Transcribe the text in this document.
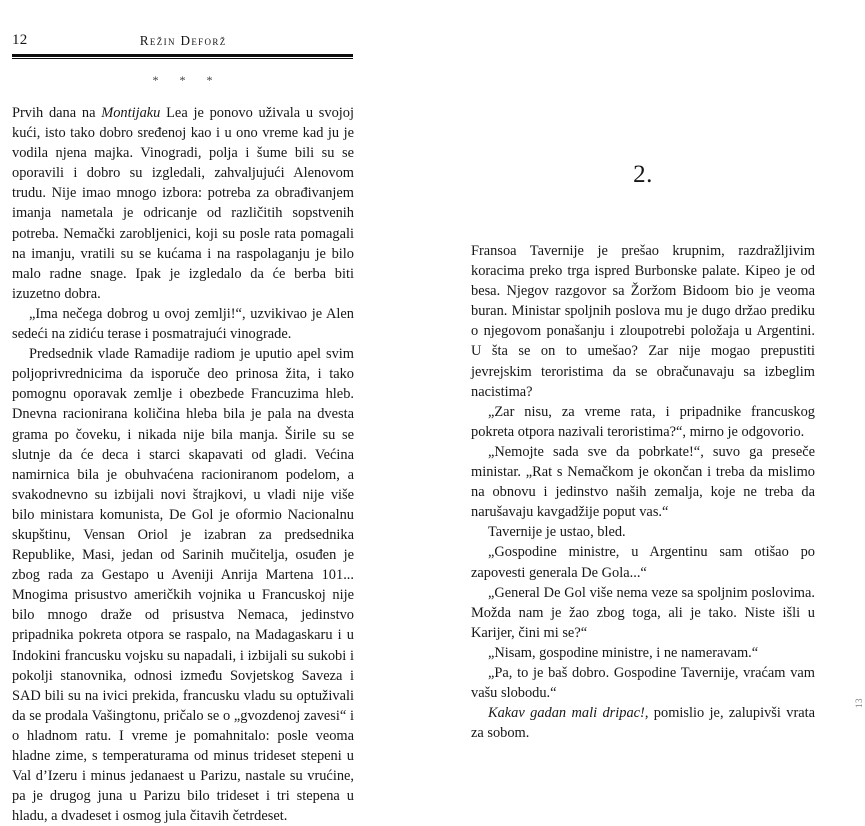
12	Režin Deforž
* * *

Prvih dana na Montijaku Lea je ponovo uživala u svojoj kući, isto tako dobro sređenoj kao i u ono vreme kad ju je vodila njena majka. Vinogradi, polja i šume bili su se oporavili i dobro su izgledali, zahvaljujući Alenovom trudu. Nije imao mnogo izbora: potreba za obrađivanjem imanja nametala je odricanje od različitih sopstvenih potreba. Nemački zarobljenici, koji su posle rata pomagali na imanju, vratili su se kućama i na raspolaganju je bilo malo radne snage. Ipak je izgledalo da će berba biti izuzetno dobra.

„Ima nečega dobrog u ovoj zemlji!“, uzvikivao je Alen sedeći na zidiću terase i posmatrajući vinograde.

Predsednik vlade Ramadije radiom je uputio apel svim poljoprivrednicima da isporuče deo prinosa žita, i tako pomognu oporavak zemlje i obezbede Francuzima hleb. Dnevna racionirana količina hleba bila je pala na dvesta grama po čoveku, i nikada nije bila manja. Širile su se slutnje da će deca i starci skapavati od gladi. Većina namirnica bila je obuhvaćena racioniranom podelom, a svakodnevno su izbijali novi štrajkovi, u vladi nije više bilo ministara komunista, De Gol je oformio Nacionalnu skupštinu, Vensan Oriol je izabran za predsednika Republike, Masi, jedan od Sarinih mučitelja, osuđen je zbog rada za Gestapo u Aveniji Anrija Martena 101... Mnogima prisustvo američkih vojnika u Francuskoj nije bilo mnogo draže od prisustva Nemaca, jedinstvo pripadnika pokreta otpora se raspalo, na Madagaskaru i u Indokini francusku vojsku su napadali, i izbijali su sukobi i pokolji stanovnika, odnosi između Sovjetskog Saveza i SAD bili su na ivici prekida, francusku vladu su optuživali da se prodala Vašingtonu, pričalo se o „gvozdenoj zavesi“ i o hladnom ratu. I vreme je pomahnitalo: posle veoma hladne zime, s temperaturama od minus trideset stepeni u Val d’Izeru i minus jedanaest u Parizu, nastale su vrućine, pa je drugog juna u Parizu bilo trideset i tri stepena u hladu, a dvadeset i osmog jula čitavih četrdeset.

2.

Fransoa Tavernije je prešao krupnim, razdražljivim koracima preko trga ispred Burbonske palate. Kipeo je od besa. Njegov razgovor sa Žoržom Bidoom bio je veoma buran. Ministar spoljnih poslova mu je dugo držao prediku o njegovom ponašanju i zloupotrebi položaja u Argentini. U šta se on to umešao? Zar nije mogao prepustiti jevrejskim teroristima da se obračunavaju sa izbeglim nacistima?

„Zar nisu, za vreme rata, i pripadnike francuskog pokreta otpora nazivali teroristima?“, mirno je odgovorio.

„Nemojte sada sve da pobrkate!“, suvo ga preseče ministar. „Rat s Nemačkom je okončan i treba da mislimo na obnovu i jedinstvo naših zemalja, koje ne treba da narušavaju kavgadžije poput vas.“

Tavernije je ustao, bled.

„Gospodine ministre, u Argentinu sam otišao po zapovesti generala De Gola...“

„General De Gol više nema veze sa spoljnim poslovima. Možda nam je žao zbog toga, ali je tako. Niste išli u Karijer, čini mi se?“

„Nisam, gospodine ministre, i ne nameravam.“

„Pa, to je baš dobro. Gospodine Tavernije, vraćam vam vašu slobodu.“

Kakav gadan mali dripac!, pomislio je, zalupivši vrata za sobom.

13
